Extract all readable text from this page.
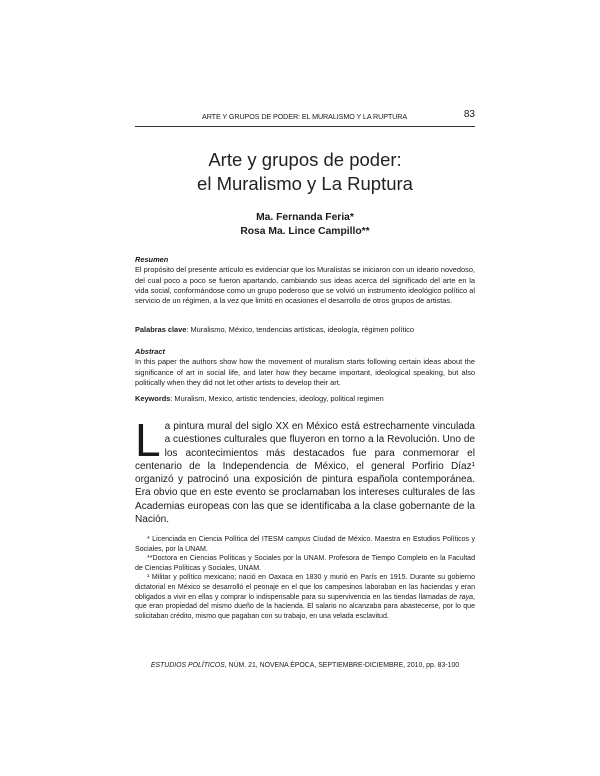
ARTE Y GRUPOS DE PODER: EL MURALISMO Y LA RUPTURA	83
Arte y grupos de poder:
el Muralismo y La Ruptura
Ma. Fernanda Feria*
Rosa Ma. Lince Campillo**
Resumen
El propósito del presente artículo es evidenciar que los Muralistas se iniciaron con un ideario novedoso, del cual poco a poco se fueron apartando, cambiando sus ideas acerca del significado del arte en la vida social, conformándose como un grupo poderoso que se volvió un instrumento ideológico político al servicio de un régimen, a la vez que limitó en ocasiones el desarrollo de otros grupos de artistas.
Palabras clave: Muralismo, México, tendencias artísticas, ideología, régimen político
Abstract
In this paper the authors show how the movement of muralism starts following certain ideas about the significance of art in social life, and later how they became important, ideological speaking, but also politically when they did not let other artists to develop their art.
Keywords: Muralism, Mexico, artistic tendencies, ideology, political regimen
La pintura mural del siglo XX en México está estrechamente vinculada a cuestiones culturales que fluyeron en torno a la Revolución. Uno de los acontecimientos más destacados fue para conmemorar el centenario de la Independencia de México, el general Porfirio Díaz¹ organizó y patrocinó una exposición de pintura española contemporánea. Era obvio que en este evento se proclamaban los intereses culturales de las Academias europeas con las que se identificaba a la clase gobernante de la Nación.

* Licenciada en Ciencia Política del ITESM campus Ciudad de México. Maestra en Estudios Políticos y Sociales, por la UNAM.

**Doctora en Ciencias Políticas y Sociales por la UNAM. Profesora de Tiempo Completo en la Facultad de Ciencias Políticas y Sociales, UNAM.

¹ Militar y político mexicano; nació en Oaxaca en 1830 y murió en París en 1915. Durante su gobierno dictatorial en México se desarrolló el peonaje en el que los campesinos laboraban en las haciendas y eran obligados a vivir en ellas y comprar lo indispensable para su supervivencia en las tiendas llamadas de raya, que eran propiedad del mismo dueño de la hacienda. El salario no alcanzaba para abastecerse, por lo que solicitaban crédito, mismo que pagaban con su trabajo, en una velada esclavitud.

ESTUDIOS POLÍTICOS, NÚM. 21, NOVENA ÉPOCA, SEPTIEMBRE-DICIEMBRE, 2010, pp. 83-100
